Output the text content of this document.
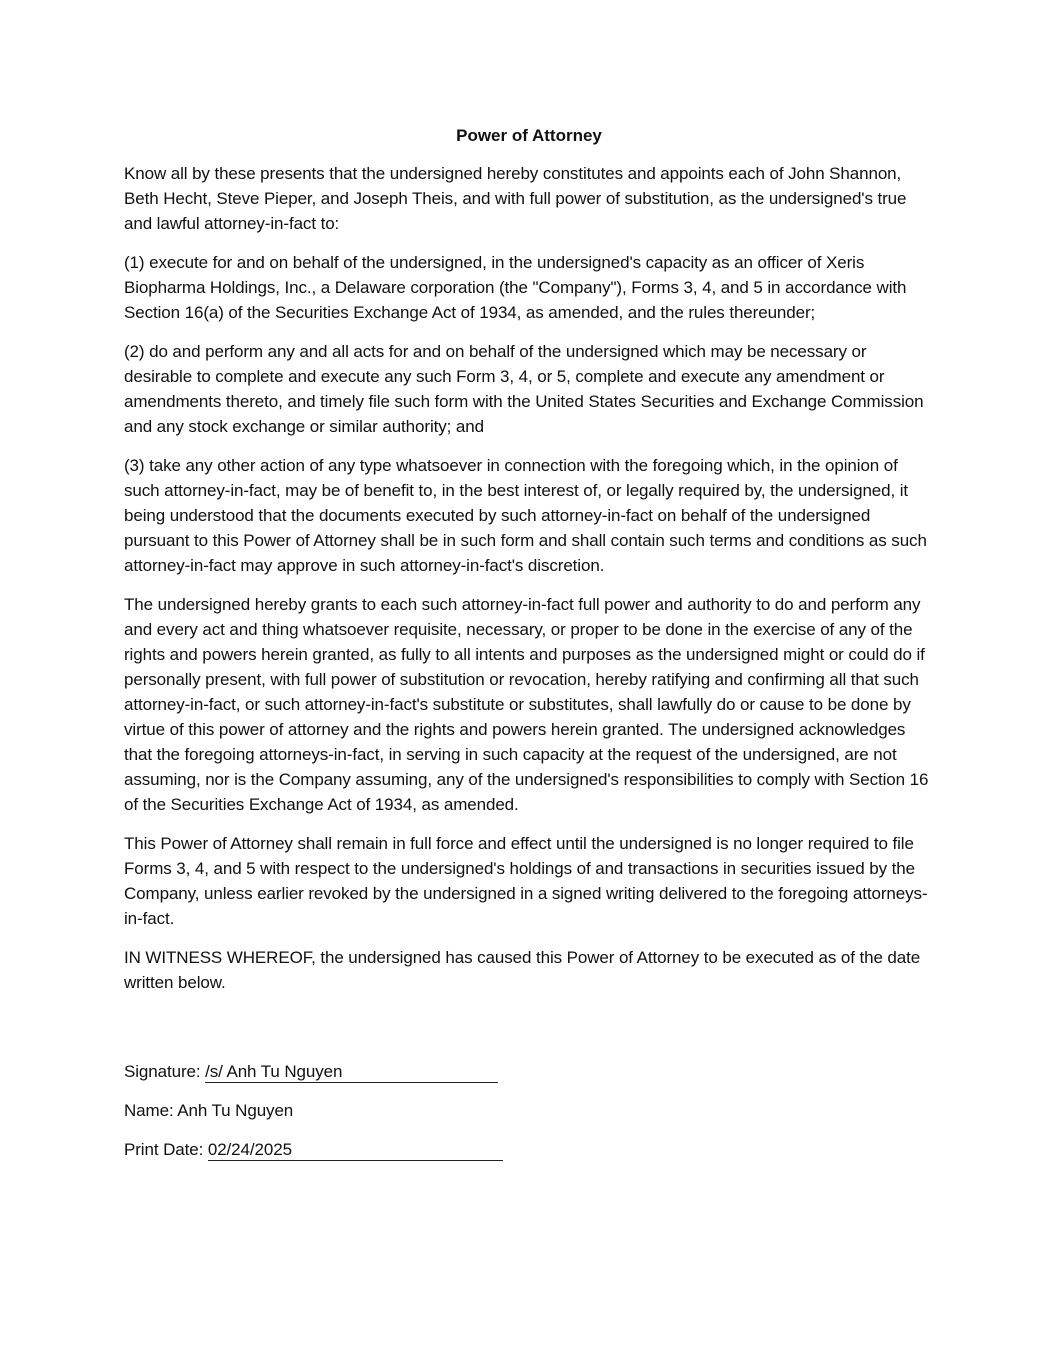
Power of Attorney

Know all by these presents that the undersigned hereby constitutes and appoints each of John Shannon, Beth Hecht, Steve Pieper, and Joseph Theis, and with full power of substitution, as the undersigned's true and lawful attorney-in-fact to:

(1) execute for and on behalf of the undersigned, in the undersigned's capacity as an officer of Xeris Biopharma Holdings, Inc., a Delaware corporation (the "Company"), Forms 3, 4, and 5 in accordance with Section 16(a) of the Securities Exchange Act of 1934, as amended, and the rules thereunder;

(2) do and perform any and all acts for and on behalf of the undersigned which may be necessary or desirable to complete and execute any such Form 3, 4, or 5, complete and execute any amendment or amendments thereto, and timely file such form with the United States Securities and Exchange Commission and any stock exchange or similar authority; and

(3) take any other action of any type whatsoever in connection with the foregoing which, in the opinion of such attorney-in-fact, may be of benefit to, in the best interest of, or legally required by, the undersigned, it being understood that the documents executed by such attorney-in-fact on behalf of the undersigned pursuant to this Power of Attorney shall be in such form and shall contain such terms and conditions as such attorney-in-fact may approve in such attorney-in-fact's discretion.

The undersigned hereby grants to each such attorney-in-fact full power and authority to do and perform any and every act and thing whatsoever requisite, necessary, or proper to be done in the exercise of any of the rights and powers herein granted, as fully to all intents and purposes as the undersigned might or could do if personally present, with full power of substitution or revocation, hereby ratifying and confirming all that such attorney-in-fact, or such attorney-in-fact's substitute or substitutes, shall lawfully do or cause to be done by virtue of this power of attorney and the rights and powers herein granted. The undersigned acknowledges that the foregoing attorneys-in-fact, in serving in such capacity at the request of the undersigned, are not assuming, nor is the Company assuming, any of the undersigned's responsibilities to comply with Section 16 of the Securities Exchange Act of 1934, as amended.

This Power of Attorney shall remain in full force and effect until the undersigned is no longer required to file Forms 3, 4, and 5 with respect to the undersigned's holdings of and transactions in securities issued by the Company, unless earlier revoked by the undersigned in a signed writing delivered to the foregoing attorneys-in-fact.

IN WITNESS WHEREOF, the undersigned has caused this Power of Attorney to be executed as of the date written below.

Signature: /s/ Anh Tu Nguyen

Name: Anh Tu Nguyen

Print Date: 02/24/2025
